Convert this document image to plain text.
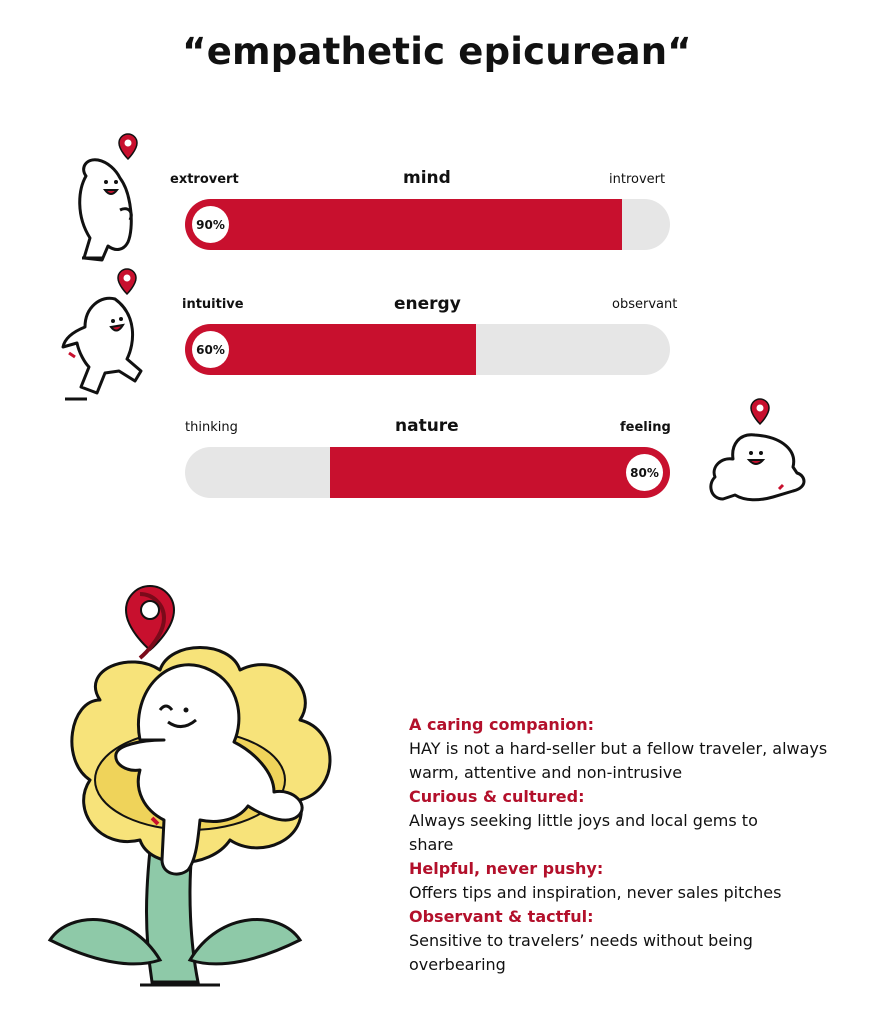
“empathetic epicurean“
extrovert	mind	introvert
90%
intuitive	energy	observant
60%
thinking	nature	feeling
80%
A caring companion:
HAY is not a hard-seller but a fellow traveler, always warm, attentive and non-intrusive
Curious & cultured:
Always seeking little joys and local gems to share
Helpful, never pushy:
Offers tips and inspiration, never sales pitches
Observant & tactful:
Sensitive to travelers’ needs without being overbearing
